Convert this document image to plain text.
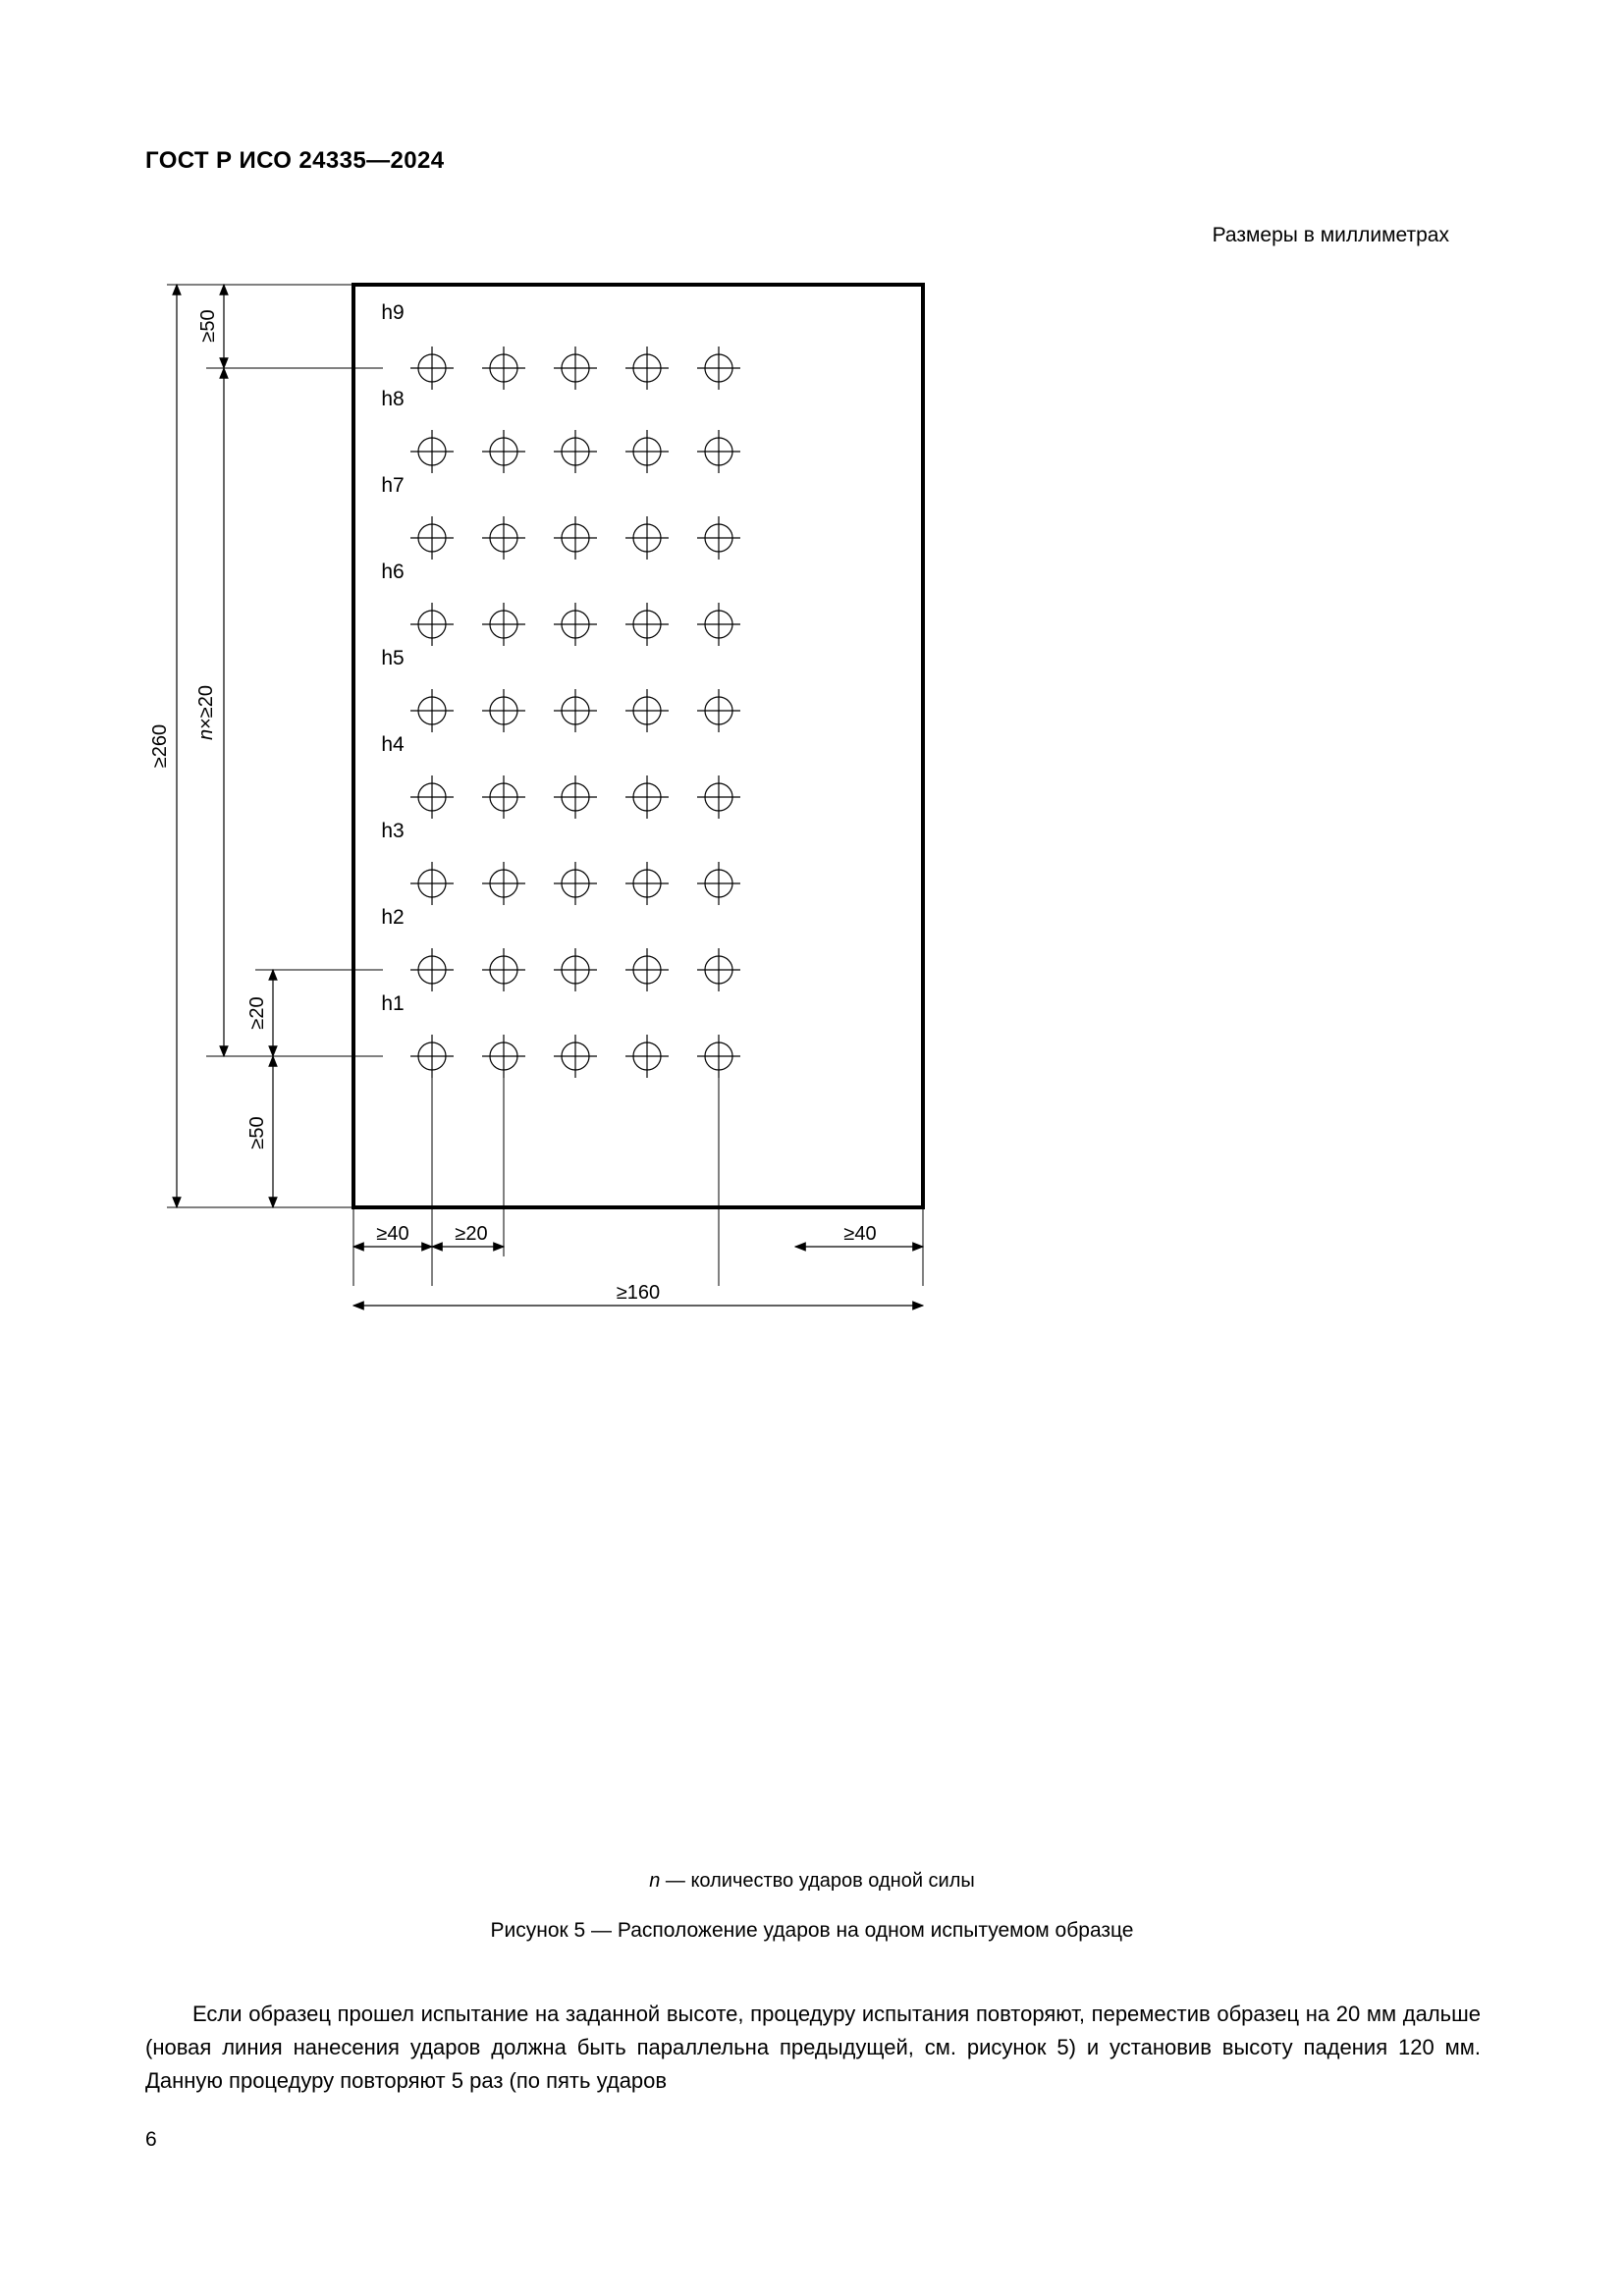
ГОСТ Р ИСО 24335—2024
Размеры в миллиметрах
h9
h8
h7
h6
h5
h4
h3
h2
h1
≥50
n×≥20
≥20
≥50
≥260
≥40 ≥20	≥40
≥160
n — количество ударов одной силы
Рисунок 5 — Расположение ударов на одном испытуемом образце

Если образец прошел испытание на заданной высоте, процедуру испытания повторяют, переместив образец на 20 мм дальше (новая линия нанесения ударов должна быть параллельна предыдущей, см. рисунок 5) и установив высоту падения 120 мм. Данную процедуру повторяют 5 раз (по пять ударов

6
